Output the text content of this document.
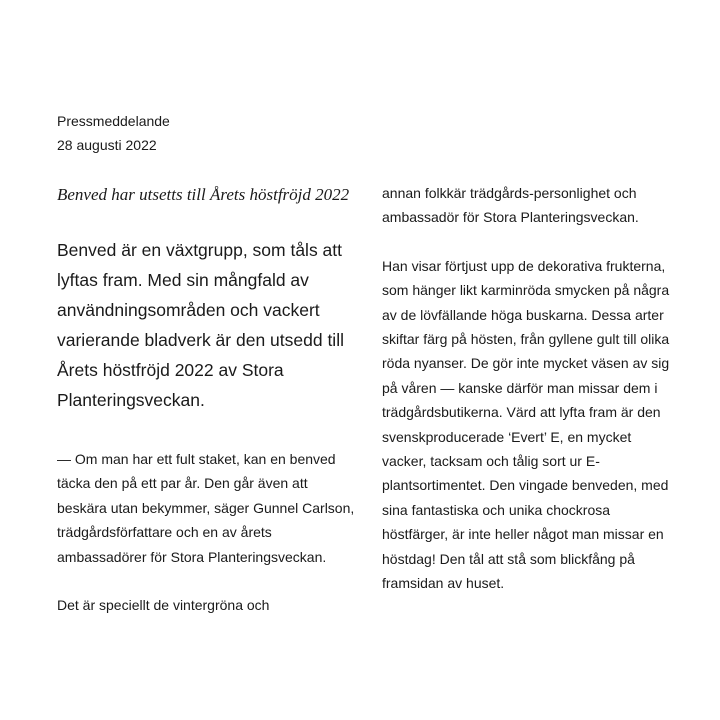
Pressmeddelande
28 augusti 2022
Benved har utsetts till Årets höstfröjd 2022

Benved är en växtgrupp, som tåls att lyftas fram. Med sin mångfald av användningsområden och vackert varierande bladverk är den utsedd till Årets höstfröjd 2022 av Stora Planteringsveckan.

— Om man har ett fult staket, kan en benved täcka den på ett par år. Den går även att beskära utan bekymmer, säger Gunnel Carlson, trädgårdsförfattare och en av årets ambassadörer för Stora Planteringsveckan.

Det är speciellt de vintergröna och

annan folkkär trädgårds-personlighet och ambassadör för Stora Planteringsveckan.

Han visar förtjust upp de dekorativa frukterna, som hänger likt karminröda smycken på några av de lövfällande höga buskarna. Dessa arter skiftar färg på hösten, från gyllene gult till olika röda nyanser. De gör inte mycket väsen av sig på våren — kanske därför man missar dem i trädgårdsbutikerna. Värd att lyfta fram är den svenskproducerade ‘Evert’ E, en mycket vacker, tacksam och tålig sort ur E-plantsortimentet. Den vingade benveden, med sina fantastiska och unika chockrosa höstfärger, är inte heller något man missar en höstdag! Den tål att stå som blickfång på framsidan av huset.
